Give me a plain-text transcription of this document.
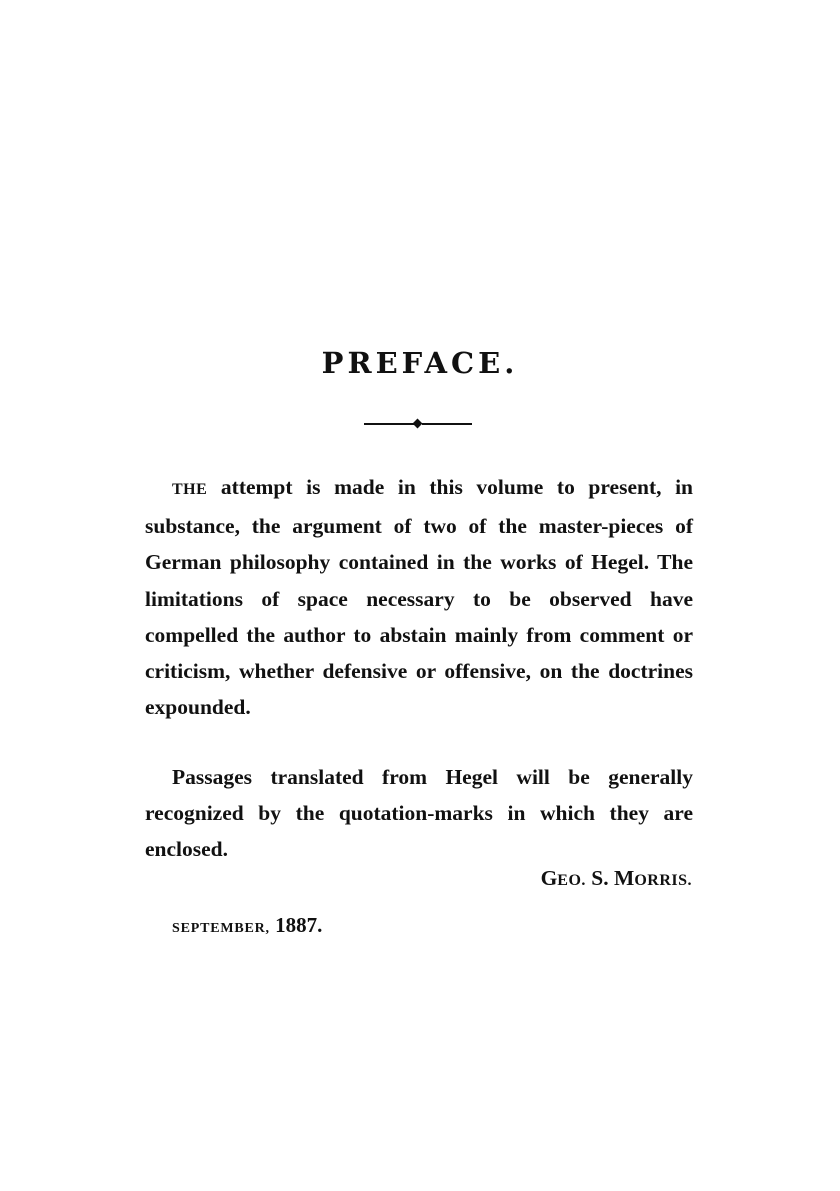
PREFACE.

THE attempt is made in this volume to present, in substance, the argument of two of the master-pieces of German philosophy contained in the works of Hegel. The limitations of space necessary to be observed have compelled the author to abstain mainly from comment or criticism, whether defensive or offensive, on the doctrines expounded.

Passages translated from Hegel will be generally recognized by the quotation-marks in which they are enclosed.

GEO. S. MORRIS.
SEPTEMBER, 1887.
